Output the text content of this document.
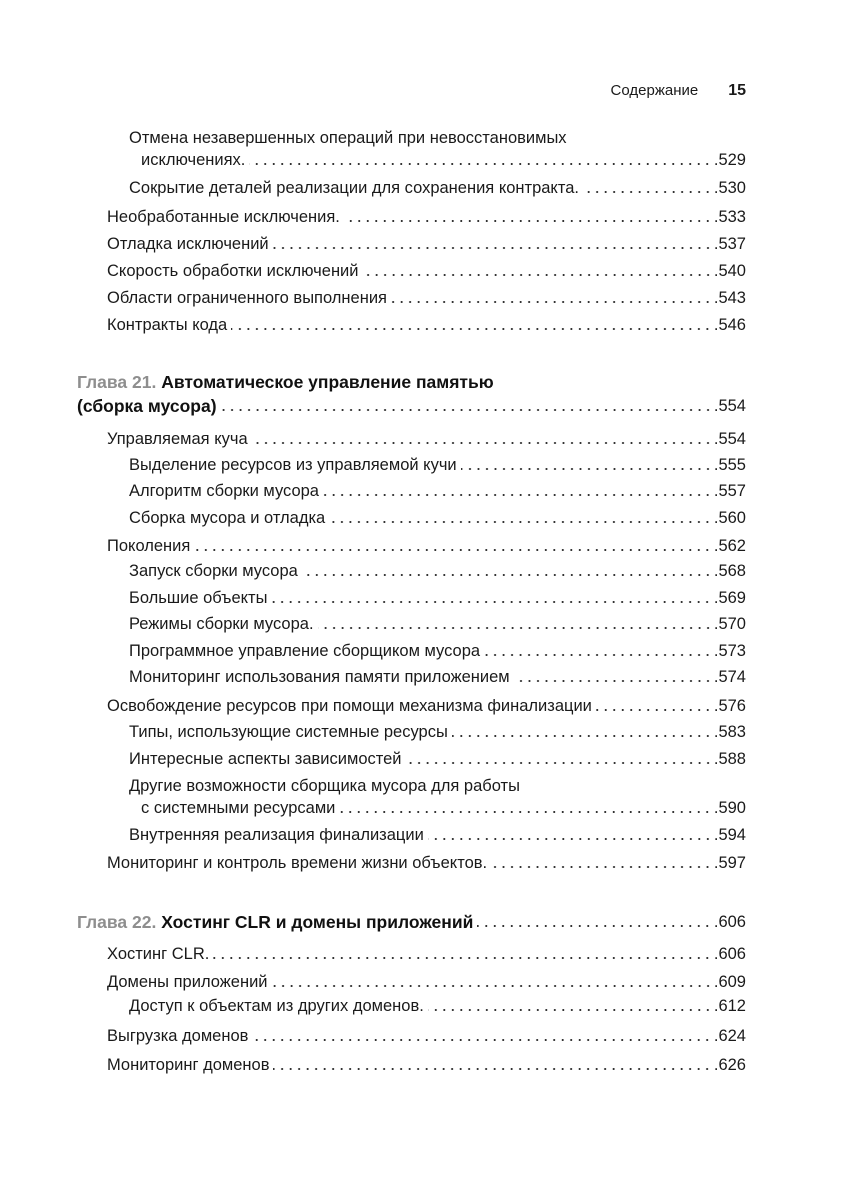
Содержание 15
Отмена незавершенных операций при невосстановимых
исключениях.	.529
Сокрытие деталей реализации для сохранения контракта.	.530
Необработанные исключения.	.533
Отладка исключений	.537
Скорость обработки исключений	.540
Области ограниченного выполнения	.543
Контракты кода	.546
Глава 21.
Автоматическое управление памятью
(сборка мусора)	.554
Управляемая куча	.554
Выделение ресурсов из управляемой кучи	.555
Алгоритм сборки мусора	.557
Сборка мусора и отладка	.560
Поколения	.562
Запуск сборки мусора	.568
Большие объекты	.569
Режимы сборки мусора.	.570
Программное управление сборщиком мусора	.573
Мониторинг использования памяти приложением	.574
Освобождение ресурсов при помощи механизма финализации	.576
Типы, использующие системные ресурсы	.583
Интересные аспекты зависимостей	.588
Другие возможности сборщика мусора для работы
с системными ресурсами	.590
Внутренняя реализация финализации	.594
Мониторинг и контроль времени жизни объектов.	.597
Глава 22. Хостинг CLR и домены приложений	.606
Хостинг CLR.	.606
Домены приложений	.609
Доступ к объектам из других доменов.	.612
Выгрузка доменов	.624
Мониторинг доменов	.626
